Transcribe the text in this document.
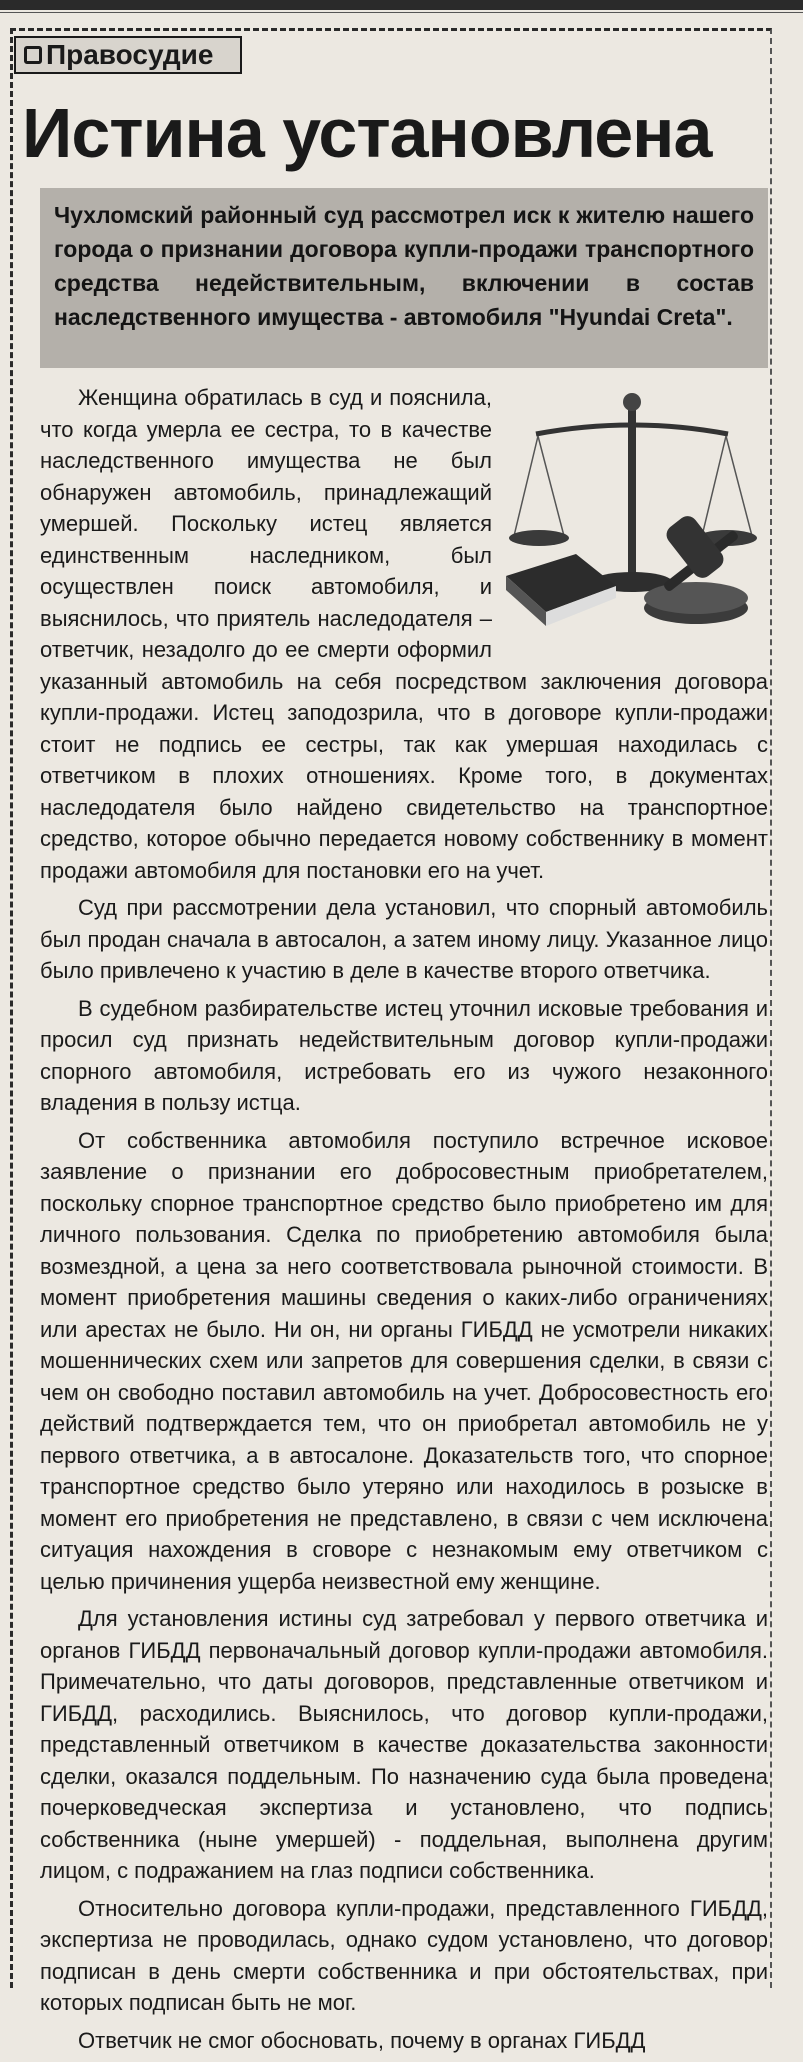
Правосудие
Истина установлена
Чухломский районный суд рассмотрел иск к жителю нашего города о признании договора купли-продажи транспортного средства недействительным, включении в состав наследственного имущества - автомобиля "Hyundai Creta".

Женщина обратилась в суд и пояснила, что когда умерла ее сестра, то в качестве наследственного имущества не был обнаружен автомобиль, принадлежащий умершей. Поскольку истец является единственным наследником, был осуществлен поиск автомобиля, и выяснилось, что приятель наследодателя – ответчик, незадолго до ее смерти оформил указанный автомобиль на себя посредством заключения договора купли-продажи. Истец заподозрила, что в договоре купли-продажи стоит не подпись ее сестры, так как умершая находилась с ответчиком в плохих отношениях. Кроме того, в документах наследодателя было найдено свидетельство на транспортное средство, которое обычно передается новому собственнику в момент продажи автомобиля для постановки его на учет.

Суд при рассмотрении дела установил, что спорный автомобиль был продан сначала в автосалон, а затем иному лицу. Указанное лицо было привлечено к участию в деле в качестве второго ответчика.

В судебном разбирательстве истец уточнил исковые требования и просил суд признать недействительным договор купли-продажи спорного автомобиля, истребовать его из чужого незаконного владения в пользу истца.

От собственника автомобиля поступило встречное исковое заявление о признании его добросовестным приобретателем, поскольку спорное транспортное средство было приобретено им для личного пользования. Сделка по приобретению автомобиля была возмездной, а цена за него соответствовала рыночной стоимости. В момент приобретения машины сведения о каких-либо ограничениях или арестах не было. Ни он, ни органы ГИБДД не усмотрели никаких мошеннических схем или запретов для совершения сделки, в связи с чем он свободно поставил автомобиль на учет. Добросовестность его действий подтверждается тем, что он приобретал автомобиль не у первого ответчика, а в автосалоне. Доказательств того, что спорное транспортное средство было утеряно или находилось в розыске в момент его приобретения не представлено, в связи с чем исключена ситуация нахождения в сговоре с незнакомым ему ответчиком с целью причинения ущерба неизвестной ему женщине.

Для установления истины суд затребовал у первого ответчика и органов ГИБДД первоначальный договор купли-продажи автомобиля. Примечательно, что даты договоров, представленные ответчиком и ГИБДД, расходились. Выяснилось, что договор купли-продажи, представленный ответчиком в качестве доказательства законности сделки, оказался поддельным. По назначению суда была проведена почерковедческая экспертиза и установлено, что подпись собственника (ныне умершей) - поддельная, выполнена другим лицом, с подражанием на глаз подписи собственника.

Относительно договора купли-продажи, представленного ГИБДД, экспертиза не проводилась, однако судом установлено, что договор подписан в день смерти собственника и при обстоятельствах, при которых подписан быть не мог.

Ответчик не смог обосновать, почему в органах ГИБДД
